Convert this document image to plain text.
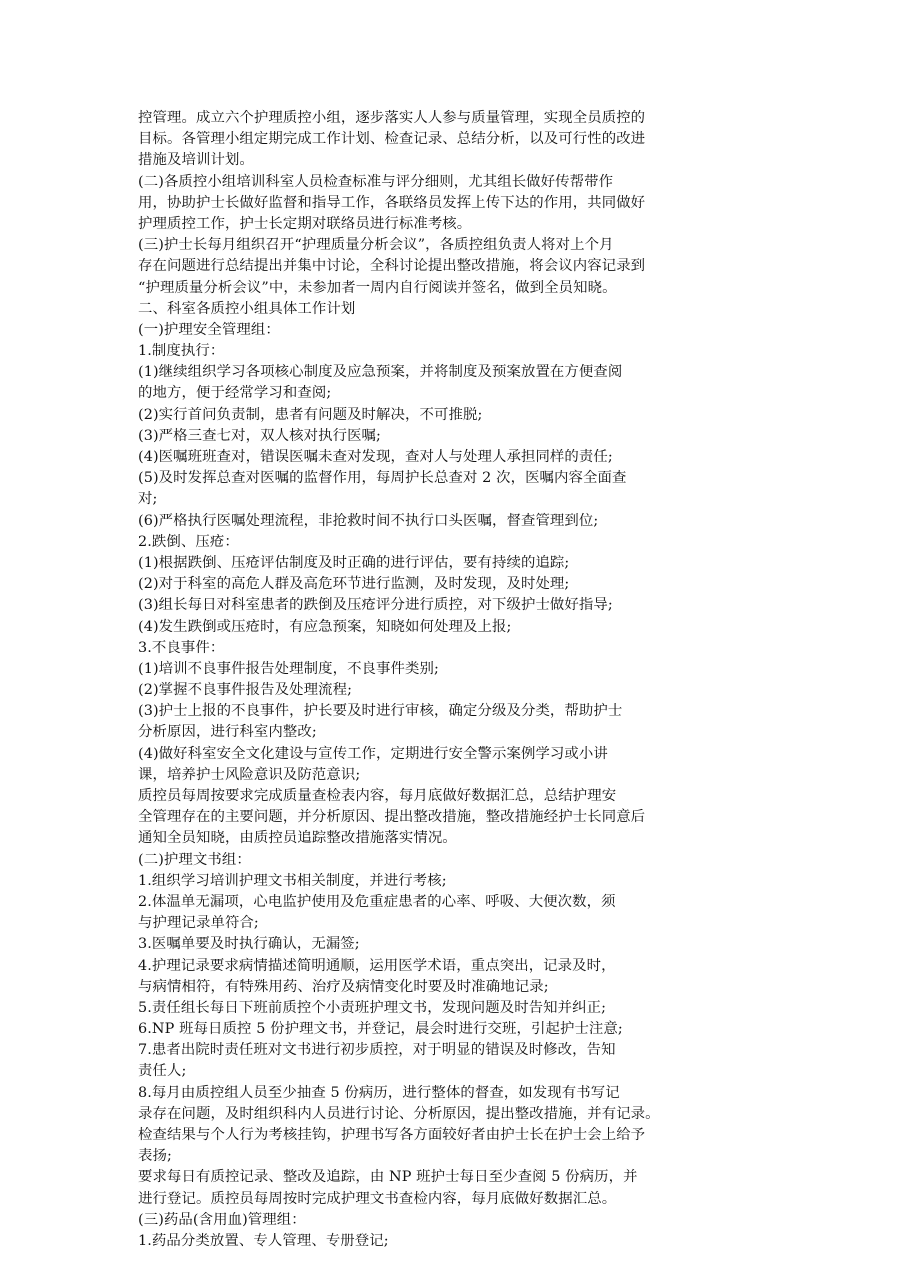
控管理。成立六个护理质控小组，逐步落实人人参与质量管理，实现全员质控的
目标。各管理小组定期完成工作计划、检查记录、总结分析，以及可行性的改进
措施及培训计划。
(二)各质控小组培训科室人员检查标准与评分细则，尤其组长做好传帮带作
用，协助护士长做好监督和指导工作，各联络员发挥上传下达的作用，共同做好
护理质控工作，护士长定期对联络员进行标准考核。
(三)护士长每月组织召开“护理质量分析会议”，各质控组负责人将对上个月
存在问题进行总结提出并集中讨论，全科讨论提出整改措施，将会议内容记录到
“护理质量分析会议”中，未参加者一周内自行阅读并签名，做到全员知晓。
二、科室各质控小组具体工作计划
(一)护理安全管理组：
1.制度执行：
(1)继续组织学习各项核心制度及应急预案，并将制度及预案放置在方便查阅
的地方，便于经常学习和查阅;
(2)实行首问负责制，患者有问题及时解决，不可推脱;
(3)严格三查七对，双人核对执行医嘱;
(4)医嘱班班查对，错误医嘱未查对发现，查对人与处理人承担同样的责任;
(5)及时发挥总查对医嘱的监督作用，每周护长总查对 2 次，医嘱内容全面查
对;
(6)严格执行医嘱处理流程，非抢救时间不执行口头医嘱，督查管理到位;
2.跌倒、压疮：
(1)根据跌倒、压疮评估制度及时正确的进行评估，要有持续的追踪;
(2)对于科室的高危人群及高危环节进行监测，及时发现，及时处理;
(3)组长每日对科室患者的跌倒及压疮评分进行质控，对下级护士做好指导;
(4)发生跌倒或压疮时，有应急预案，知晓如何处理及上报;
3.不良事件：
(1)培训不良事件报告处理制度，不良事件类别;
(2)掌握不良事件报告及处理流程;
(3)护士上报的不良事件，护长要及时进行审核，确定分级及分类，帮助护士
分析原因，进行科室内整改;
(4)做好科室安全文化建设与宣传工作，定期进行安全警示案例学习或小讲
课，培养护士风险意识及防范意识;
质控员每周按要求完成质量查检表内容，每月底做好数据汇总，总结护理安
全管理存在的主要问题，并分析原因、提出整改措施，整改措施经护士长同意后
通知全员知晓，由质控员追踪整改措施落实情况。
(二)护理文书组：
1.组织学习培训护理文书相关制度，并进行考核;
2.体温单无漏项，心电监护使用及危重症患者的心率、呼吸、大便次数，须
与护理记录单符合;
3.医嘱单要及时执行确认，无漏签;
4.护理记录要求病情描述简明通顺，运用医学术语，重点突出，记录及时，
与病情相符，有特殊用药、治疗及病情变化时要及时准确地记录;
5.责任组长每日下班前质控个小责班护理文书，发现问题及时告知并纠正;
6.NP 班每日质控 5 份护理文书，并登记，晨会时进行交班，引起护士注意;
7.患者出院时责任班对文书进行初步质控，对于明显的错误及时修改，告知
责任人;
8.每月由质控组人员至少抽查 5 份病历，进行整体的督查，如发现有书写记
录存在问题，及时组织科内人员进行讨论、分析原因，提出整改措施，并有记录。
检查结果与个人行为考核挂钩，护理书写各方面较好者由护士长在护士会上给予
表扬;
要求每日有质控记录、整改及追踪，由 NP 班护士每日至少查阅 5 份病历，并
进行登记。质控员每周按时完成护理文书查检内容，每月底做好数据汇总。
(三)药品(含用血)管理组：
1.药品分类放置、专人管理、专册登记;
